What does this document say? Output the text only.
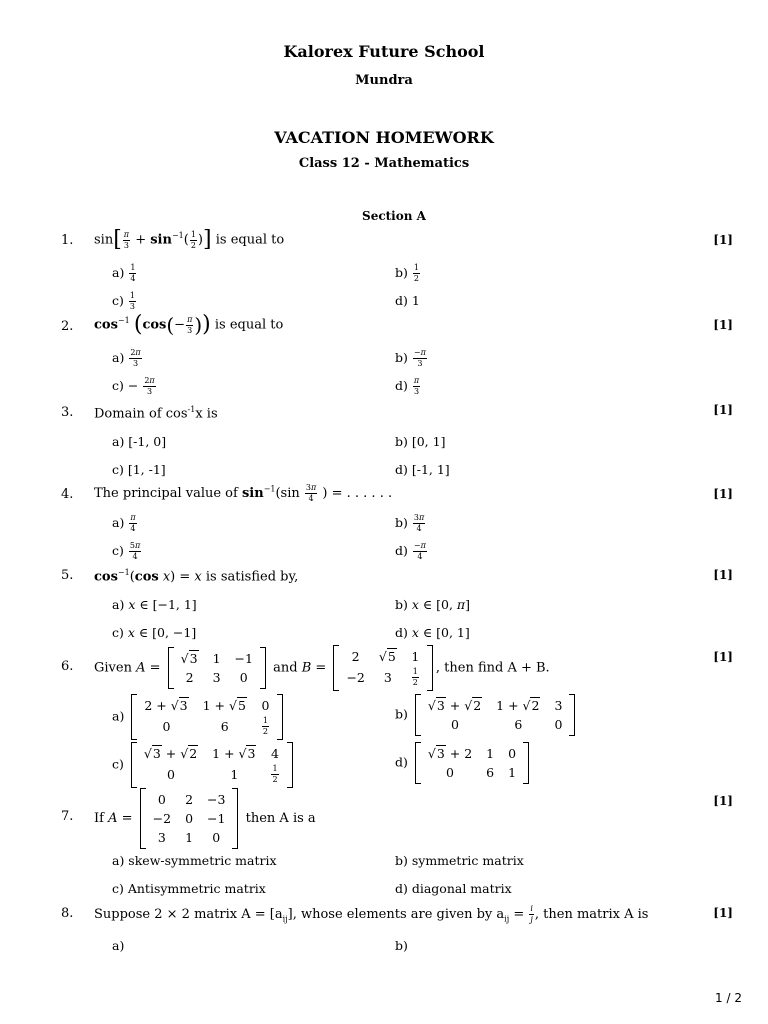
Kalorex Future School
Mundra
VACATION HOMEWORK
Class 12 - Mathematics
Section A
1. $\sin[ \frac{\pi}{3} + \sin^{-1}( \frac{1}{2}$ )] is equal to	[1]
$a) \frac{1}{4}$	$b) \frac{1}{2}$
$c) \frac{1}{3}$	d) 1
2. $\cos^{-1} (\cos(- \frac{\pi}{3}$ )) is equal to	[1]
$a) \frac{2\pi}{3}$	$b) \frac{-\pi}{3}$
$c) - \frac{2\pi}{3}$	$d) \frac{\pi}{3}$
3. Domain of $\cos^{-1}x$ is	[1]
a) [-1, 0]	b) [0, 1]
c) [1, -1]	d) [-1, 1]
4. The principal value of $\sin^{-1}(\sin \frac{3\pi}{4}$ ) = . . . . . .	[1]
$a) \frac{\pi}{4}$	$b) \frac{3\pi}{4}$
$c) \frac{5\pi}{4}$	$d) \frac{-\pi}{4}$
5. $\cos^{-1}(\cos$ x) = x is satisfied by,	[1]
a) x ∈ [−1, 1]	b) x ∈ [0, π]
c) x ∈ [0, −1]	d) x ∈ [0, 1]
6. Given A =
√3	1	−1
2	3	0
and B =
2	√5	1
−2	3	$\frac{1}{2}$ , then find A + B.
[1]
a)
2 + √3	1 + √5	0
0	6	$\frac{1}{2}$
b)
√3 + √2	1 + √2	3
0	6	0
c)
√3 + √2	1 + √3	4
0	1	$\frac{1}{2}$
d)
√3 + 2	1	0
0	6	1
7. If A =
0	2	−3
−2	0	−1
3	1	0
then A is a
[1]
a) skew-symmetric matrix	b) symmetric matrix
c) Antisymmetric matrix	d) diagonal matrix
8. Suppose 2 × 2 matrix $A = [a_{ij}]$, whose elements are given by $a_{ij} = \frac{i}{j}$ , then matrix A is	[1]
a)	b)
1 / 2
